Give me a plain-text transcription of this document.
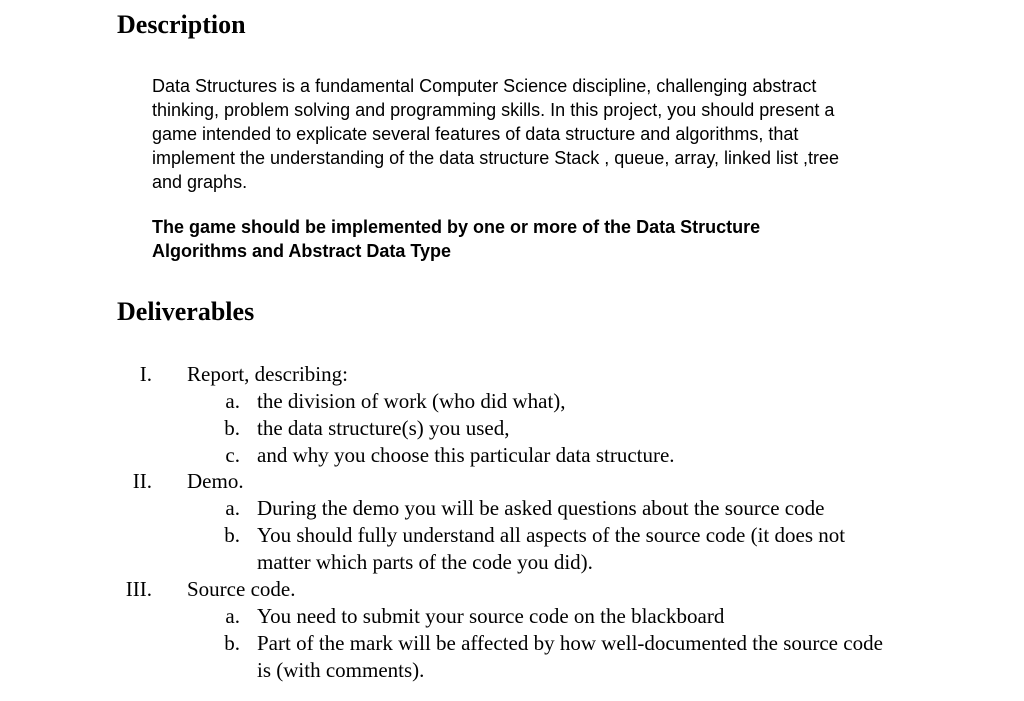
Description
Data Structures is a fundamental Computer Science discipline, challenging abstract
thinking, problem solving and programming skills. In this project, you should present a
game intended to explicate several features of data structure and algorithms, that
implement the understanding of the data structure Stack , queue, array, linked list ,tree
and graphs.
The game should be implemented by one or more of the Data Structure
Algorithms and Abstract Data Type
Deliverables
I. Report, describing:
a. the division of work (who did what),
b. the data structure(s) you used,
c. and why you choose this particular data structure.
II. Demo.
a. During the demo you will be asked questions about the source code
b. You should fully understand all aspects of the source code (it does not
matter which parts of the code you did).
III. Source code.
a. You need to submit your source code on the blackboard
b. Part of the mark will be affected by how well-documented the source code
is (with comments).
